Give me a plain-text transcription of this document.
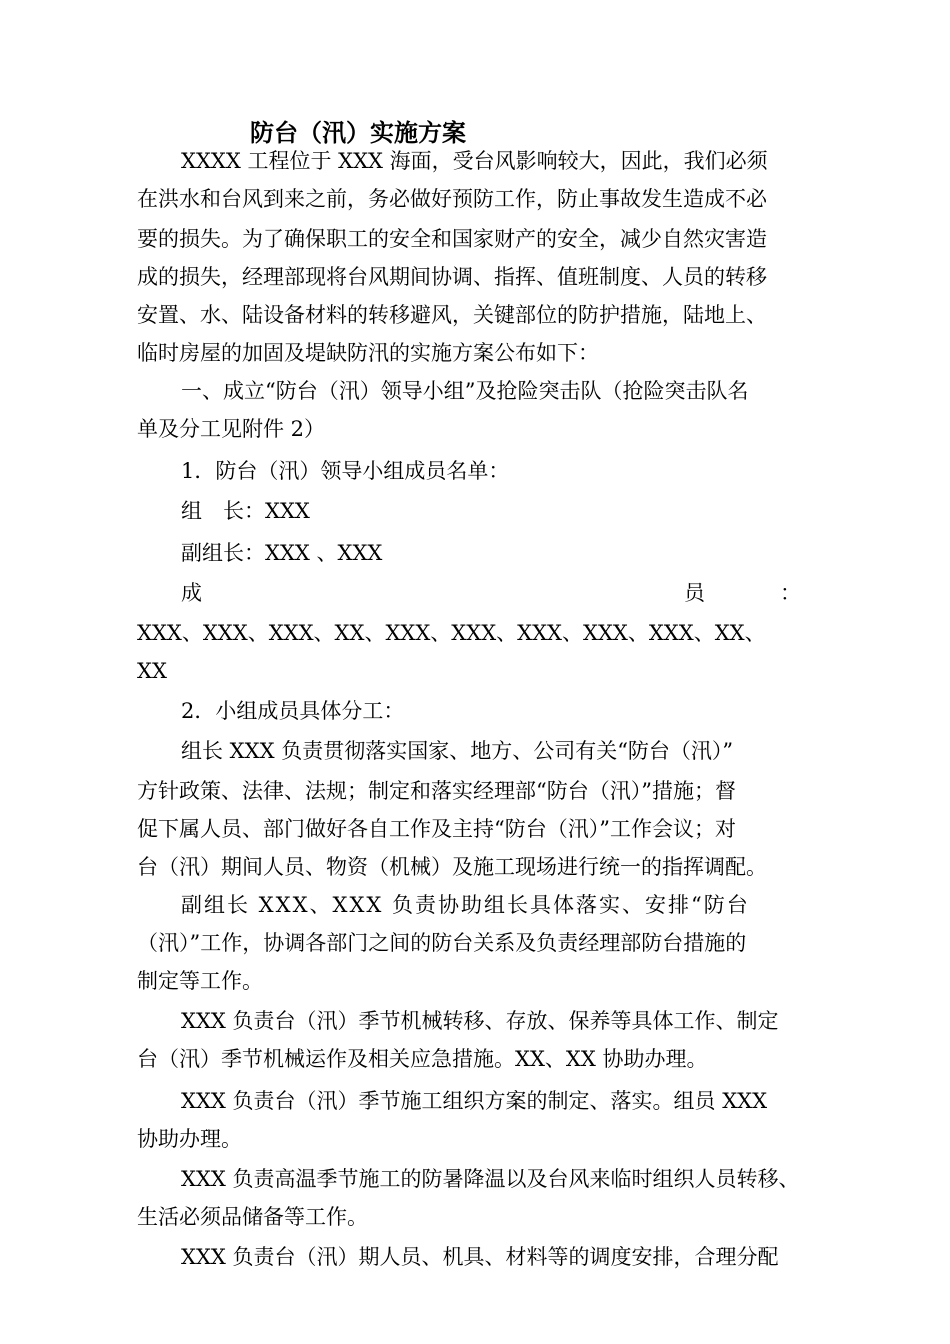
防台（汛）实施方案
XXXX 工程位于 XXX 海面，受台风影响较大，因此，我们必须
在洪水和台风到来之前，务必做好预防工作，防止事故发生造成不必
要的损失。为了确保职工的安全和国家财产的安全，减少自然灾害造
成的损失，经理部现将台风期间协调、指挥、值班制度、人员的转移
安置、水、陆设备材料的转移避风，关键部位的防护措施，陆地上、
临时房屋的加固及堤缺防汛的实施方案公布如下：
一、成立“防台（汛）领导小组”及抢险突击队（抢险突击队名
单及分工见附件 2）
1．防台（汛）领导小组成员名单：
组　长：XXX
副组长：XXX 、XXX
成	员	：
XXX、XXX、XXX、XX、XXX、XXX、XXX、XXX、XXX、XX、
XX
2．小组成员具体分工：
组长 XXX 负责贯彻落实国家、地方、公司有关“防台（汛）”
方针政策、法律、法规；制定和落实经理部“防台（汛）”措施；督
促下属人员、部门做好各自工作及主持“防台（汛）”工作会议；对
台（汛）期间人员、物资（机械）及施工现场进行统一的指挥调配。
副组长 XXX、XXX 负责协助组长具体落实、安排“防台
（汛）”工作，协调各部门之间的防台关系及负责经理部防台措施的
制定等工作。
XXX 负责台（汛）季节机械转移、存放、保养等具体工作、制定
台（汛）季节机械运作及相关应急措施。XX、XX 协助办理。
XXX 负责台（汛）季节施工组织方案的制定、落实。组员 XXX
协助办理。
XXX 负责高温季节施工的防暑降温以及台风来临时组织人员转移、
生活必须品储备等工作。
XXX 负责台（汛）期人员、机具、材料等的调度安排，合理分配
